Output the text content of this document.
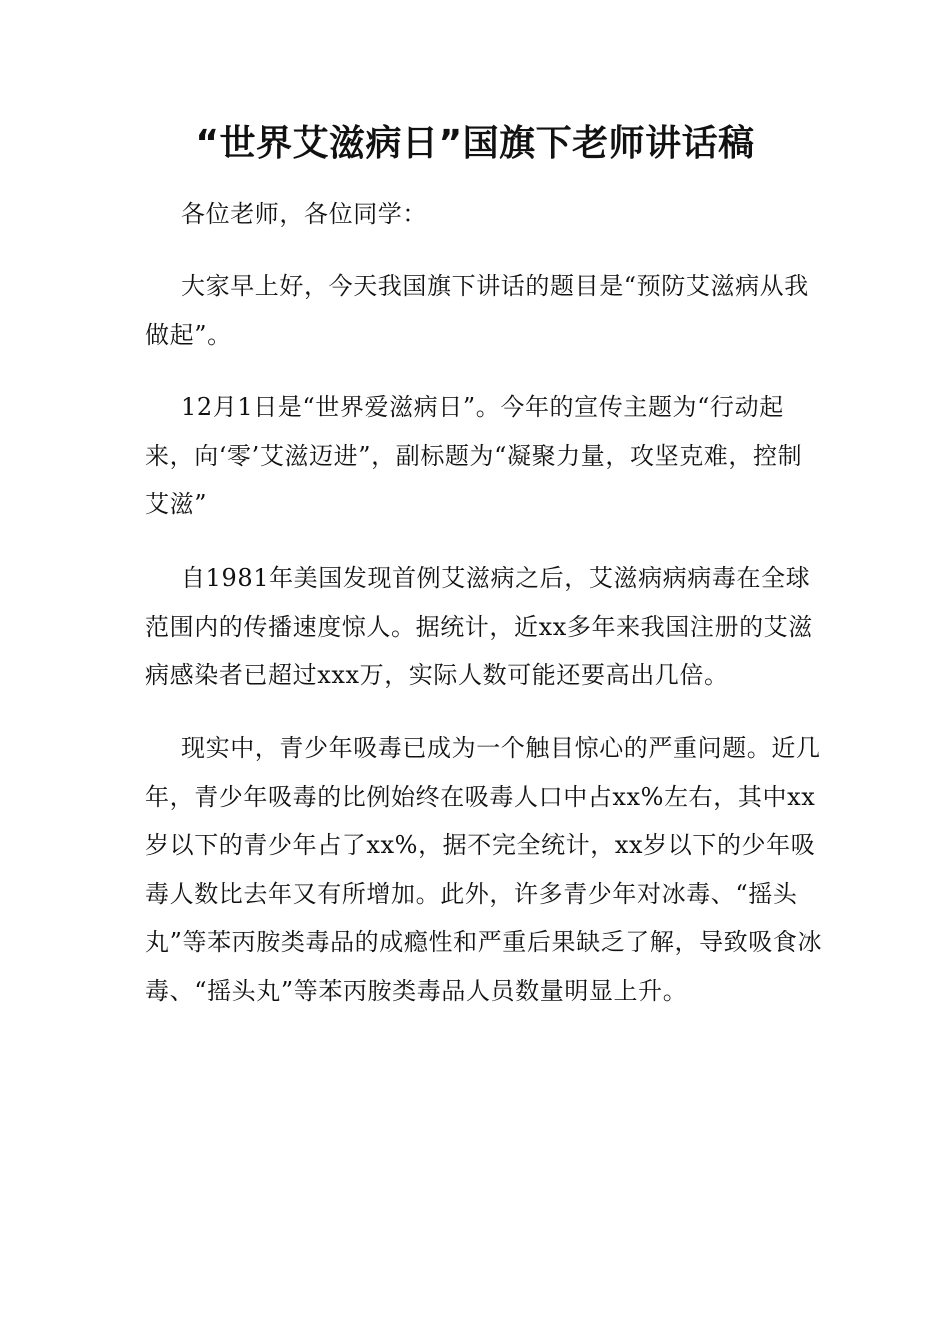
“世界艾滋病日”国旗下老师讲话稿

各位老师，各位同学：

大家早上好，今天我国旗下讲话的题目是“预防艾滋病从我做起”。

12月1日是“世界爱滋病日”。今年的宣传主题为“行动起来，向‘零’艾滋迈进”，副标题为“凝聚力量，攻坚克难，控制艾滋”

自1981年美国发现首例艾滋病之后，艾滋病病病毒在全球范围内的传播速度惊人。据统计，近xx多年来我国注册的艾滋病感染者已超过xxx万，实际人数可能还要高出几倍。

现实中，青少年吸毒已成为一个触目惊心的严重问题。近几年，青少年吸毒的比例始终在吸毒人口中占xx%左右，其中xx岁以下的青少年占了xx%，据不完全统计，xx岁以下的少年吸毒人数比去年又有所增加。此外，许多青少年对冰毒、“摇头丸”等苯丙胺类毒品的成瘾性和严重后果缺乏了解，导致吸食冰毒、“摇头丸”等苯丙胺类毒品人员数量明显上升。
